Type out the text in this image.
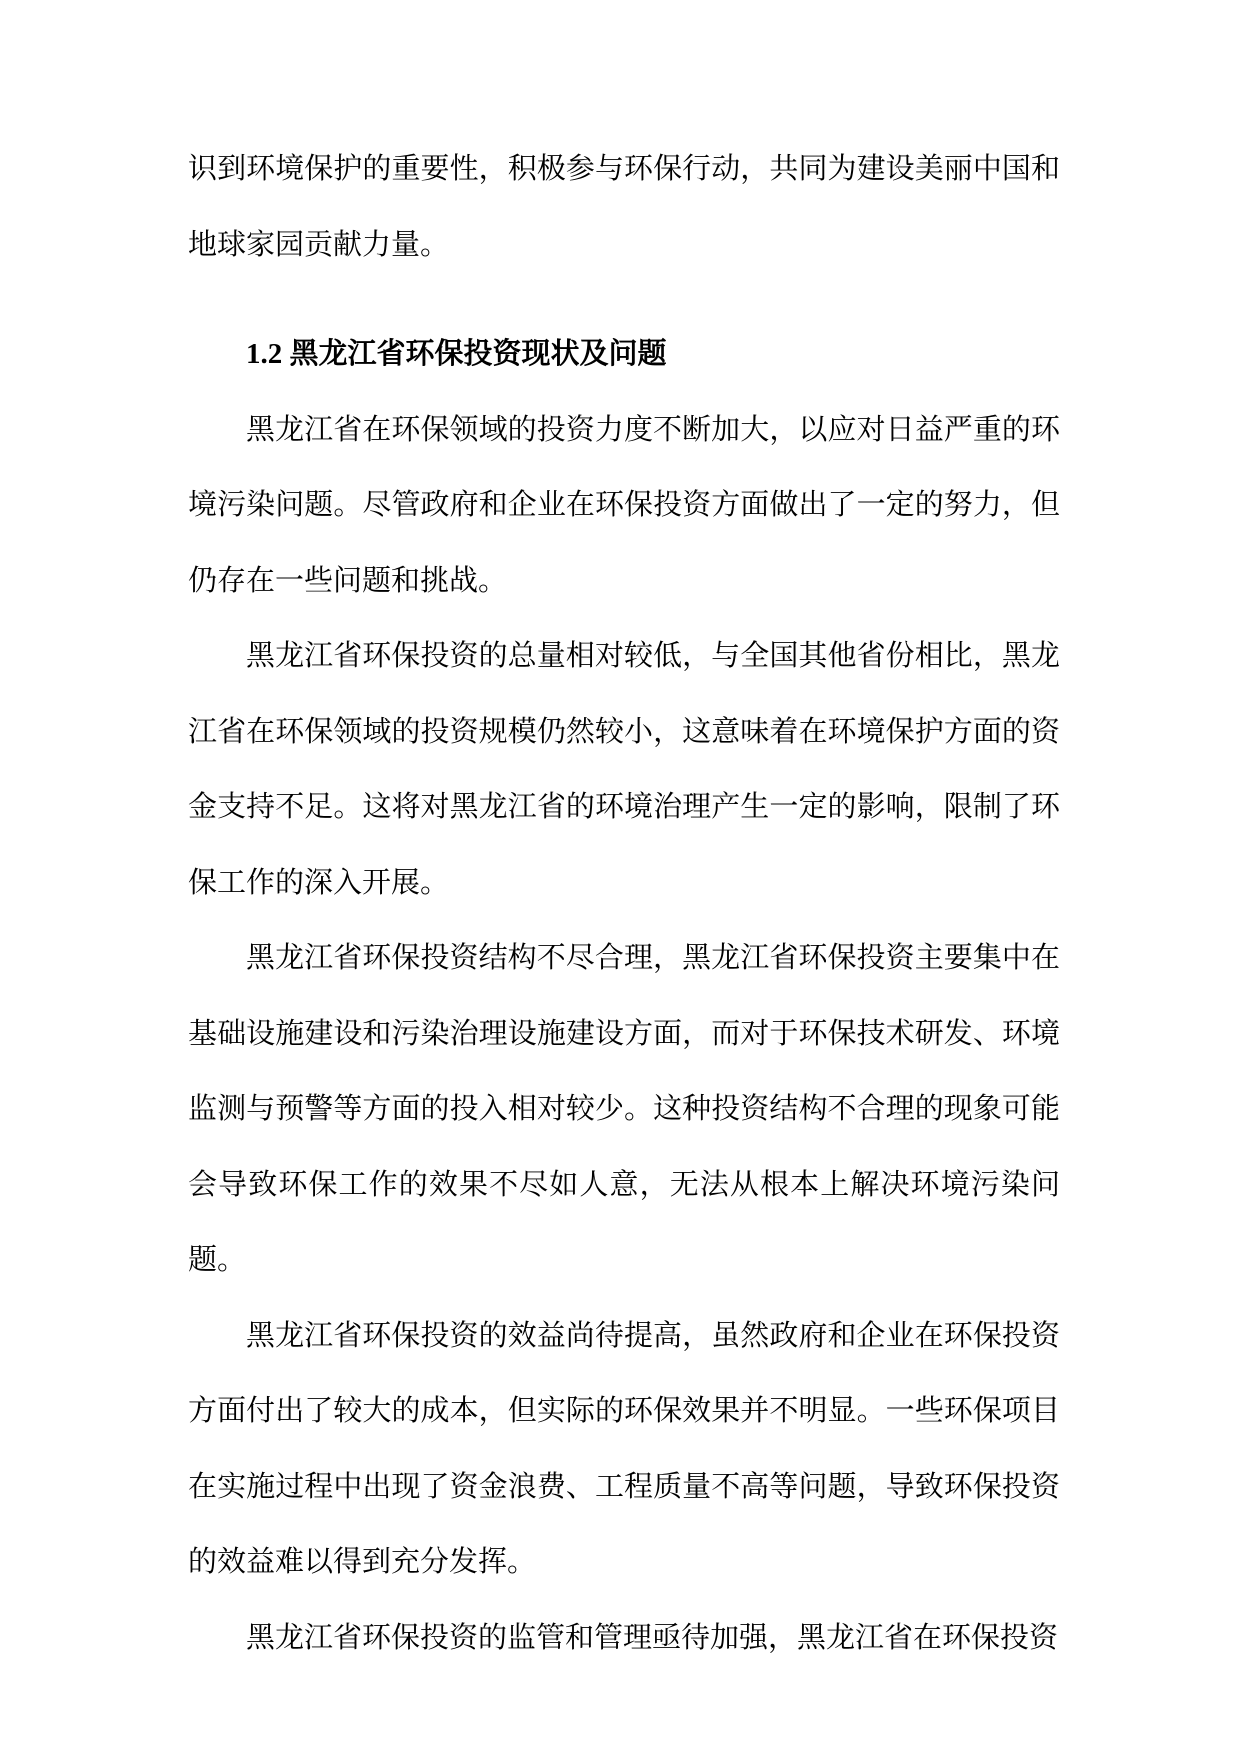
识到环境保护的重要性，积极参与环保行动，共同为建设美丽中国和地球家园贡献力量。

1.2 黑龙江省环保投资现状及问题

黑龙江省在环保领域的投资力度不断加大，以应对日益严重的环境污染问题。尽管政府和企业在环保投资方面做出了一定的努力，但仍存在一些问题和挑战。

黑龙江省环保投资的总量相对较低，与全国其他省份相比，黑龙江省在环保领域的投资规模仍然较小，这意味着在环境保护方面的资金支持不足。这将对黑龙江省的环境治理产生一定的影响，限制了环保工作的深入开展。

黑龙江省环保投资结构不尽合理，黑龙江省环保投资主要集中在基础设施建设和污染治理设施建设方面，而对于环保技术研发、环境监测与预警等方面的投入相对较少。这种投资结构不合理的现象可能会导致环保工作的效果不尽如人意，无法从根本上解决环境污染问题。

黑龙江省环保投资的效益尚待提高，虽然政府和企业在环保投资方面付出了较大的成本，但实际的环保效果并不明显。一些环保项目在实施过程中出现了资金浪费、工程质量不高等问题，导致环保投资的效益难以得到充分发挥。

黑龙江省环保投资的监管和管理亟待加强，黑龙江省在环保投资
